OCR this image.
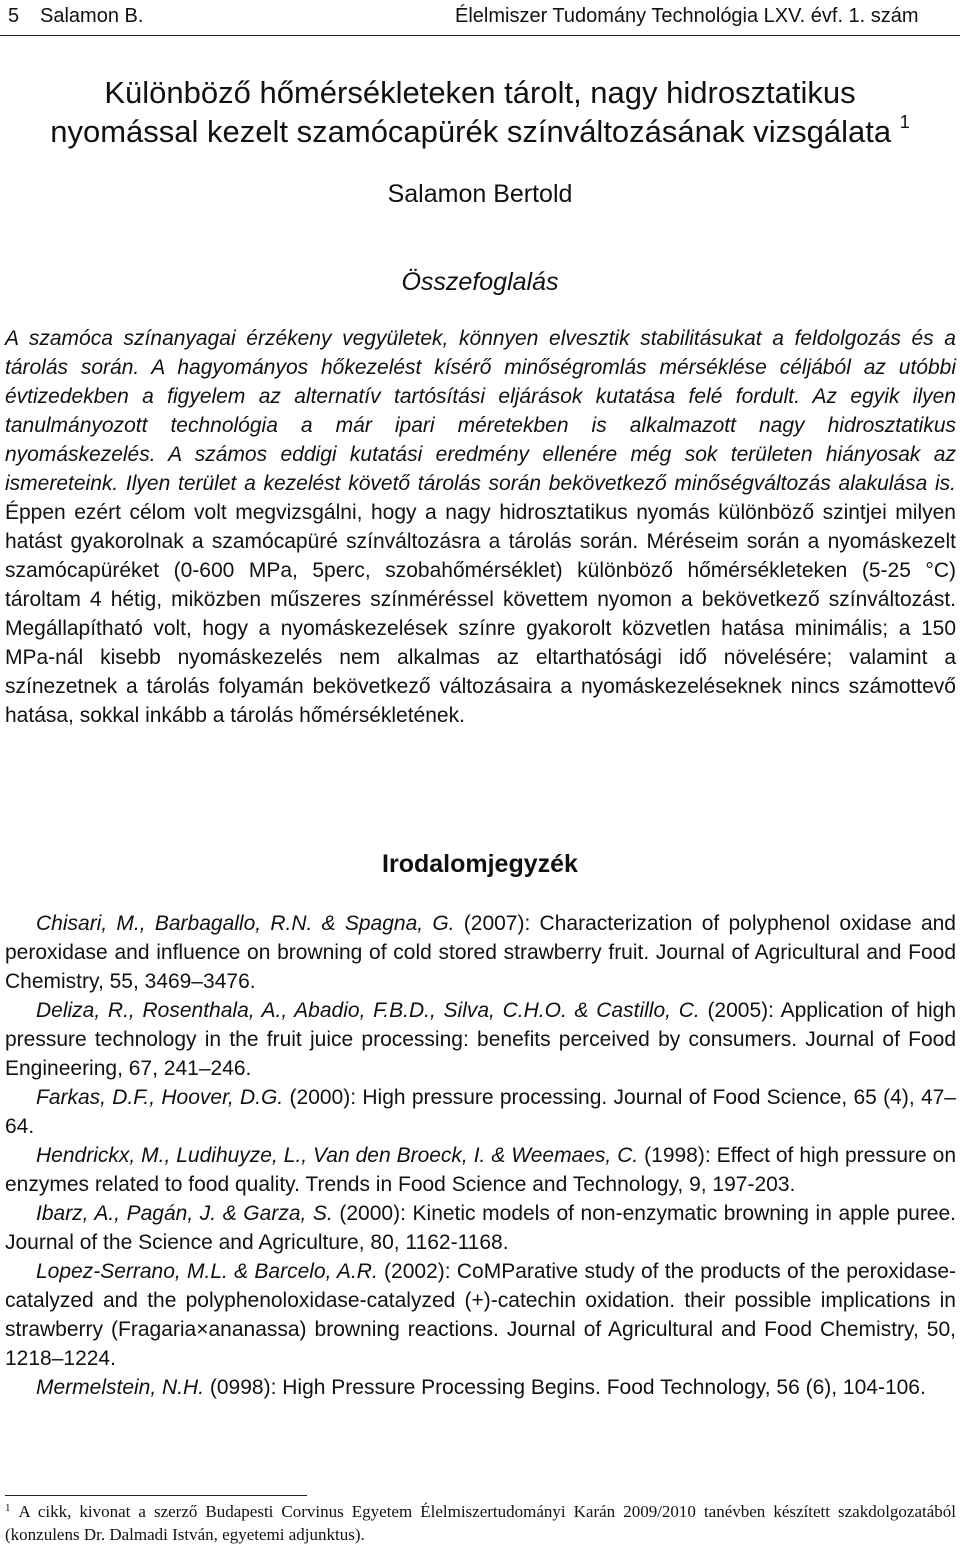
5 Salamon B.	Élelmiszer Tudomány Technológia LXV. évf. 1. szám
Különböző hőmérsékleteken tárolt, nagy hidrosztatikus
nyomással kezelt szamócapürék színváltozásának vizsgálata $^1$
Salamon Bertold
Összefoglalás

A szamóca színanyagai érzékeny vegyületek, könnyen elvesztik stabilitásukat a feldolgozás és a tárolás során. A hagyományos hőkezelést kísérő minőségromlás mérséklése céljából az utóbbi évtizedekben a figyelem az alternatív tartósítási eljárások kutatása felé fordult. Az egyik ilyen tanulmányozott technológia a már ipari méretekben is alkalmazott nagy hidrosztatikus nyomáskezelés. A számos eddigi kutatási eredmény ellenére még sok területen hiányosak az ismereteink. Ilyen terület a kezelést követő tárolás során bekövetkező minőségváltozás alakulása is. Éppen ezért célom volt megvizsgálni, hogy a nagy hidrosztatikus nyomás különböző szintjei milyen hatást gyakorolnak a szamócapüré színváltozásra a tárolás során. Méréseim során a nyomáskezelt szamócapüréket (0-600 MPa, 5perc, szobahőmérséklet) különböző hőmérsékleteken (5-25 °C) tároltam 4 hétig, miközben műszeres színméréssel követtem nyomon a bekövetkező színváltozást. Megállapítható volt, hogy a nyomáskezelések színre gyakorolt közvetlen hatása minimális; a 150 MPa-nál kisebb nyomáskezelés nem alkalmas az eltarthatósági idő növelésére; valamint a színezetnek a tárolás folyamán bekövetkező változásaira a nyomáskezeléseknek nincs számottevő hatása, sokkal inkább a tárolás hőmérsékletének.

Irodalomjegyzék

Chisari, M., Barbagallo, R.N. & Spagna, G. (2007): Characterization of polyphenol oxidase and peroxidase and influence on browning of cold stored strawberry fruit. Journal of Agricultural and Food Chemistry, 55, 3469–3476.

Deliza, R., Rosenthala, A., Abadio, F.B.D., Silva, C.H.O. & Castillo, C. (2005): Application of high pressure technology in the fruit juice processing: benefits perceived by consumers. Journal of Food Engineering, 67, 241–246.

Farkas, D.F., Hoover, D.G. (2000): High pressure processing. Journal of Food Science, 65 (4), 47–64.

Hendrickx, M., Ludihuyze, L., Van den Broeck, I. & Weemaes, C. (1998): Effect of high pressure on enzymes related to food quality. Trends in Food Science and Technology, 9, 197-203.

Ibarz, A., Pagán, J. & Garza, S. (2000): Kinetic models of non-enzymatic browning in apple puree. Journal of the Science and Agriculture, 80, 1162-1168.

Lopez-Serrano, M.L. & Barcelo, A.R. (2002): CoMParative study of the products of the peroxidase-catalyzed and the polyphenoloxidase-catalyzed (+)-catechin oxidation. their possible implications in strawberry (Fragaria×ananassa) browning reactions. Journal of Agricultural and Food Chemistry, 50, 1218–1224.

Mermelstein, N.H. (0998): High Pressure Processing Begins. Food Technology, 56 (6), 104-106.

$^1$ A cikk, kivonat a szerző Budapesti Corvinus Egyetem Élelmiszertudományi Karán 2009/2010 tanévben készített szakdolgozatából (konzulens Dr. Dalmadi István, egyetemi adjunktus).
